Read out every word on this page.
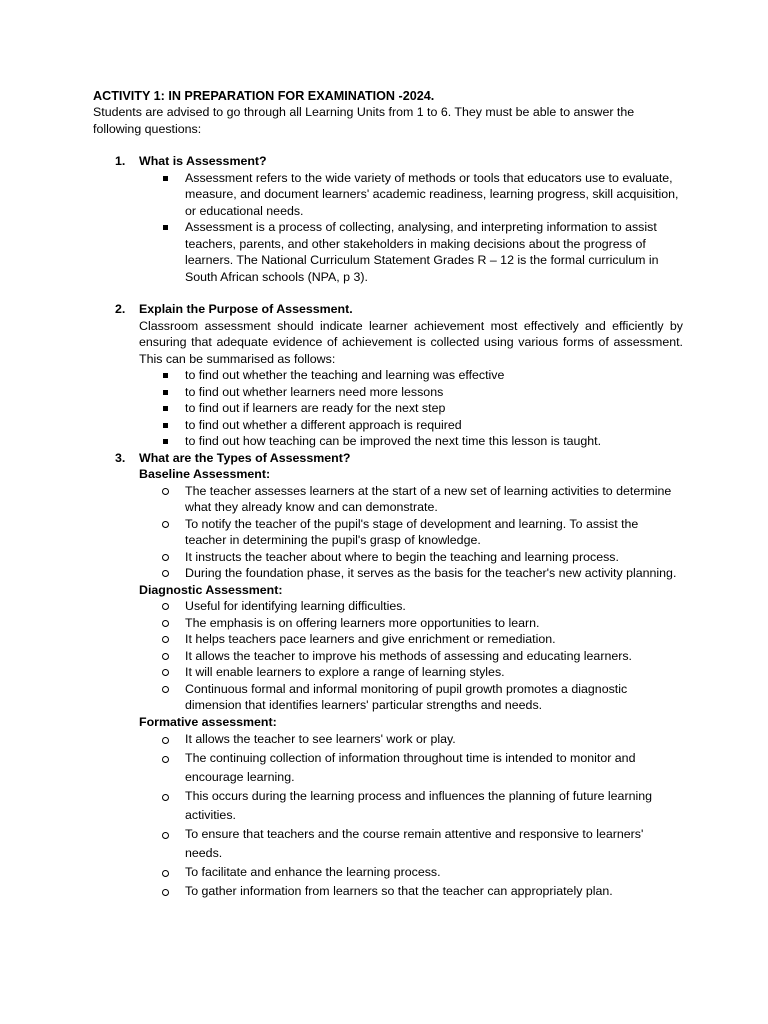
ACTIVITY 1: IN PREPARATION FOR EXAMINATION -2024.
Students are advised to go through all Learning Units from 1 to 6. They must be able to answer the following questions:
1. What is Assessment?
Assessment refers to the wide variety of methods or tools that educators use to evaluate, measure, and document learners' academic readiness, learning progress, skill acquisition, or educational needs.
Assessment is a process of collecting, analysing, and interpreting information to assist teachers, parents, and other stakeholders in making decisions about the progress of learners. The National Curriculum Statement Grades R – 12 is the formal curriculum in South African schools (NPA, p 3).
2. Explain the Purpose of Assessment.
Classroom assessment should indicate learner achievement most effectively and efficiently by ensuring that adequate evidence of achievement is collected using various forms of assessment. This can be summarised as follows:
to find out whether the teaching and learning was effective
to find out whether learners need more lessons
to find out if learners are ready for the next step
to find out whether a different approach is required
to find out how teaching can be improved the next time this lesson is taught.
3. What are the Types of Assessment?
Baseline Assessment:
The teacher assesses learners at the start of a new set of learning activities to determine what they already know and can demonstrate.
To notify the teacher of the pupil's stage of development and learning. To assist the teacher in determining the pupil's grasp of knowledge.
It instructs the teacher about where to begin the teaching and learning process.
During the foundation phase, it serves as the basis for the teacher's new activity planning.
Diagnostic Assessment:
Useful for identifying learning difficulties.
The emphasis is on offering learners more opportunities to learn.
It helps teachers pace learners and give enrichment or remediation.
It allows the teacher to improve his methods of assessing and educating learners.
It will enable learners to explore a range of learning styles.
Continuous formal and informal monitoring of pupil growth promotes a diagnostic dimension that identifies learners' particular strengths and needs.
Formative assessment:
It allows the teacher to see learners' work or play.
The continuing collection of information throughout time is intended to monitor and encourage learning.
This occurs during the learning process and influences the planning of future learning activities.
To ensure that teachers and the course remain attentive and responsive to learners' needs.
To facilitate and enhance the learning process.
To gather information from learners so that the teacher can appropriately plan.
